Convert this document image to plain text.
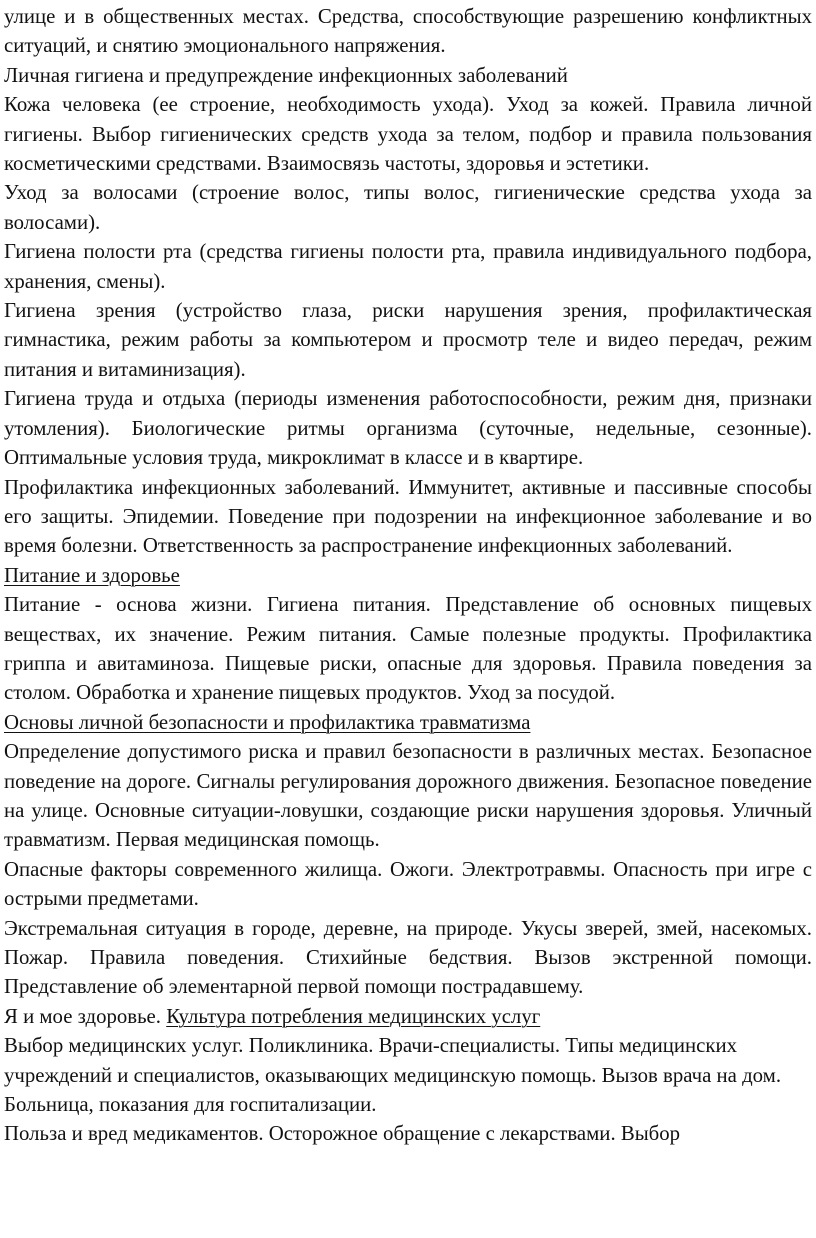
улице и в общественных местах. Средства, способствующие разрешению конфликтных ситуаций, и снятию эмоционального напряжения.

Личная гигиена и предупреждение инфекционных заболеваний

Кожа человека (ее строение, необходимость ухода). Уход за кожей. Правила личной гигиены. Выбор гигиенических средств ухода за телом, подбор и правила пользования косметическими средствами. Взаимосвязь частоты, здоровья и эстетики.

Уход за волосами (строение волос, типы волос, гигиенические средства ухода за волосами).

Гигиена полости рта (средства гигиены полости рта, правила индивидуального подбора, хранения, смены).

Гигиена зрения (устройство глаза, риски нарушения зрения, профилактическая гимнастика, режим работы за компьютером и просмотр теле и видео передач, режим питания и витаминизация).

Гигиена труда и отдыха (периоды изменения работоспособности, режим дня, признаки утомления). Биологические ритмы организма (суточные, недельные, сезонные). Оптимальные условия труда, микроклимат в классе и в квартире.

Профилактика инфекционных заболеваний. Иммунитет, активные и пассивные способы его защиты. Эпидемии. Поведение при подозрении на инфекционное заболевание и во время болезни. Ответственность за распространение инфекционных заболеваний.

Питание и здоровье

Питание - основа жизни. Гигиена питания. Представление об основных пищевых веществах, их значение. Режим питания. Самые полезные продукты. Профилактика гриппа и авитаминоза. Пищевые риски, опасные для здоровья. Правила поведения за столом. Обработка и хранение пищевых продуктов. Уход за посудой.

Основы личной безопасности и профилактика травматизма

Определение допустимого риска и правил безопасности в различных местах. Безопасное поведение на дороге. Сигналы регулирования дорожного движения. Безопасное поведение на улице. Основные ситуации-ловушки, создающие риски нарушения здоровья. Уличный травматизм. Первая медицинская помощь.

Опасные факторы современного жилища. Ожоги. Электротравмы. Опасность при игре с острыми предметами.

Экстремальная ситуация в городе, деревне, на природе. Укусы зверей, змей, насекомых. Пожар. Правила поведения. Стихийные бедствия. Вызов экстренной помощи. Представление об элементарной первой помощи пострадавшему.

Я и мое здоровье. Культура потребления медицинских услуг

Выбор медицинских услуг. Поликлиника. Врачи-специалисты. Типы медицинских учреждений и специалистов, оказывающих медицинскую помощь. Вызов врача на дом. Больница, показания для госпитализации.

Польза и вред медикаментов. Осторожное обращение с лекарствами. Выбор
